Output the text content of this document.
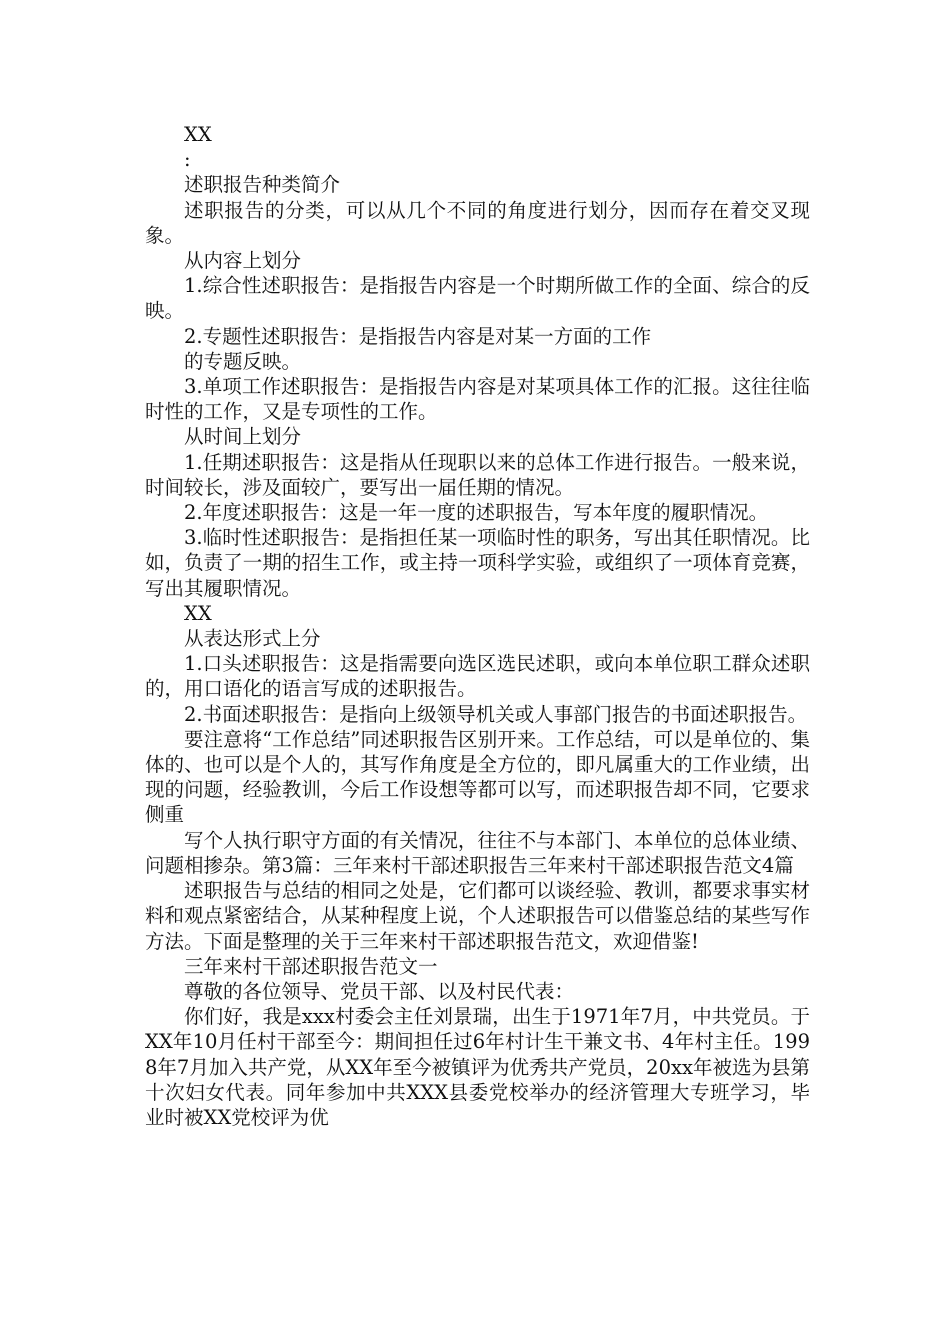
XX

:

述职报告种类简介

述职报告的分类，可以从几个不同的角度进行划分，因而存在着交叉现象。

从内容上划分

1.综合性述职报告：是指报告内容是一个时期所做工作的全面、综合的反映。

2.专题性述职报告：是指报告内容是对某一方面的工作

的专题反映。

3.单项工作述职报告：是指报告内容是对某项具体工作的汇报。这往往临时性的工作，又是专项性的工作。

从时间上划分

1.任期述职报告：这是指从任现职以来的总体工作进行报告。一般来说，时间较长，涉及面较广，要写出一届任期的情况。

2.年度述职报告：这是一年一度的述职报告，写本年度的履职情况。

3.临时性述职报告：是指担任某一项临时性的职务，写出其任职情况。比如，负责了一期的招生工作，或主持一项科学实验，或组织了一项体育竞赛，写出其履职情况。

XX

从表达形式上分

1.口头述职报告：这是指需要向选区选民述职，或向本单位职工群众述职的，用口语化的语言写成的述职报告。

2.书面述职报告：是指向上级领导机关或人事部门报告的书面述职报告。

要注意将“工作总结”同述职报告区别开来。工作总结，可以是单位的、集体的、也可以是个人的，其写作角度是全方位的，即凡属重大的工作业绩，出现的问题，经验教训，今后工作设想等都可以写，而述职报告却不同，它要求侧重

写个人执行职守方面的有关情况，往往不与本部门、本单位的总体业绩、问题相掺杂。第3篇：三年来村干部述职报告三年来村干部述职报告范文4篇

述职报告与总结的相同之处是，它们都可以谈经验、教训，都要求事实材料和观点紧密结合，从某种程度上说，个人述职报告可以借鉴总结的某些写作方法。下面是整理的关于三年来村干部述职报告范文，欢迎借鉴!

三年来村干部述职报告范文一

尊敬的各位领导、党员干部、以及村民代表：

你们好，我是xxx村委会主任刘景瑞，出生于1971年7月，中共党员。于XX年10月任村干部至今：期间担任过6年村计生干兼文书、4年村主任。1998年7月加入共产党，从XX年至今被镇评为优秀共产党员，20xx年被选为县第十次妇女代表。同年参加中共XXX县委党校举办的经济管理大专班学习，毕业时被XX党校评为优
